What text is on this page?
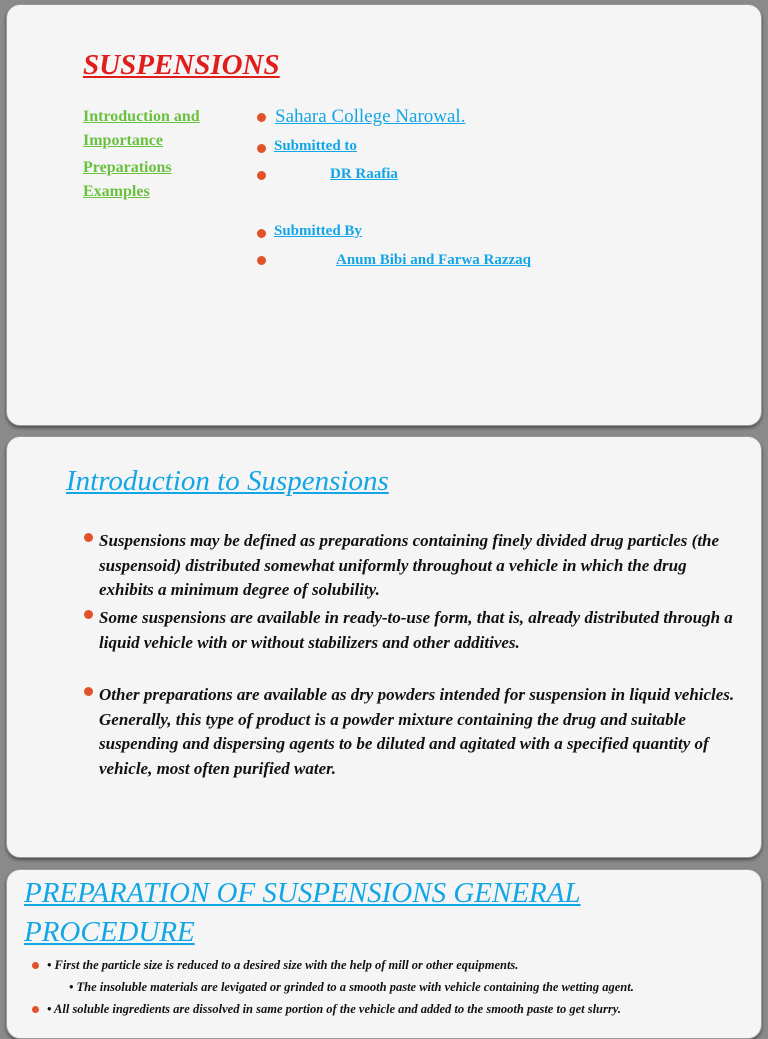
SUSPENSIONS
Introduction and
Importance
Preparations
Examples
Sahara College Narowal.
Submitted to
DR Raafia
Submitted By
Anum Bibi and Farwa Razzaq
Introduction to Suspensions
Suspensions may be defined as preparations containing finely divided drug particles (the suspensoid) distributed somewhat uniformly throughout a vehicle in which the drug exhibits a minimum degree of solubility.
Some suspensions are available in ready-to-use form, that is, already distributed through a liquid vehicle with or without stabilizers and other additives.
Other preparations are available as dry powders intended for suspension in liquid vehicles. Generally, this type of product is a powder mixture containing the drug and suitable suspending and dispersing agents to be diluted and agitated with a specified quantity of vehicle, most often purified water.
PREPARATION OF SUSPENSIONS GENERAL PROCEDURE
• First the particle size is reduced to a desired size with the help of mill or other equipments.
• The insoluble materials are levigated or grinded to a smooth paste with vehicle containing the wetting agent.
• All soluble ingredients are dissolved in same portion of the vehicle and added to the smooth paste to get slurry.
